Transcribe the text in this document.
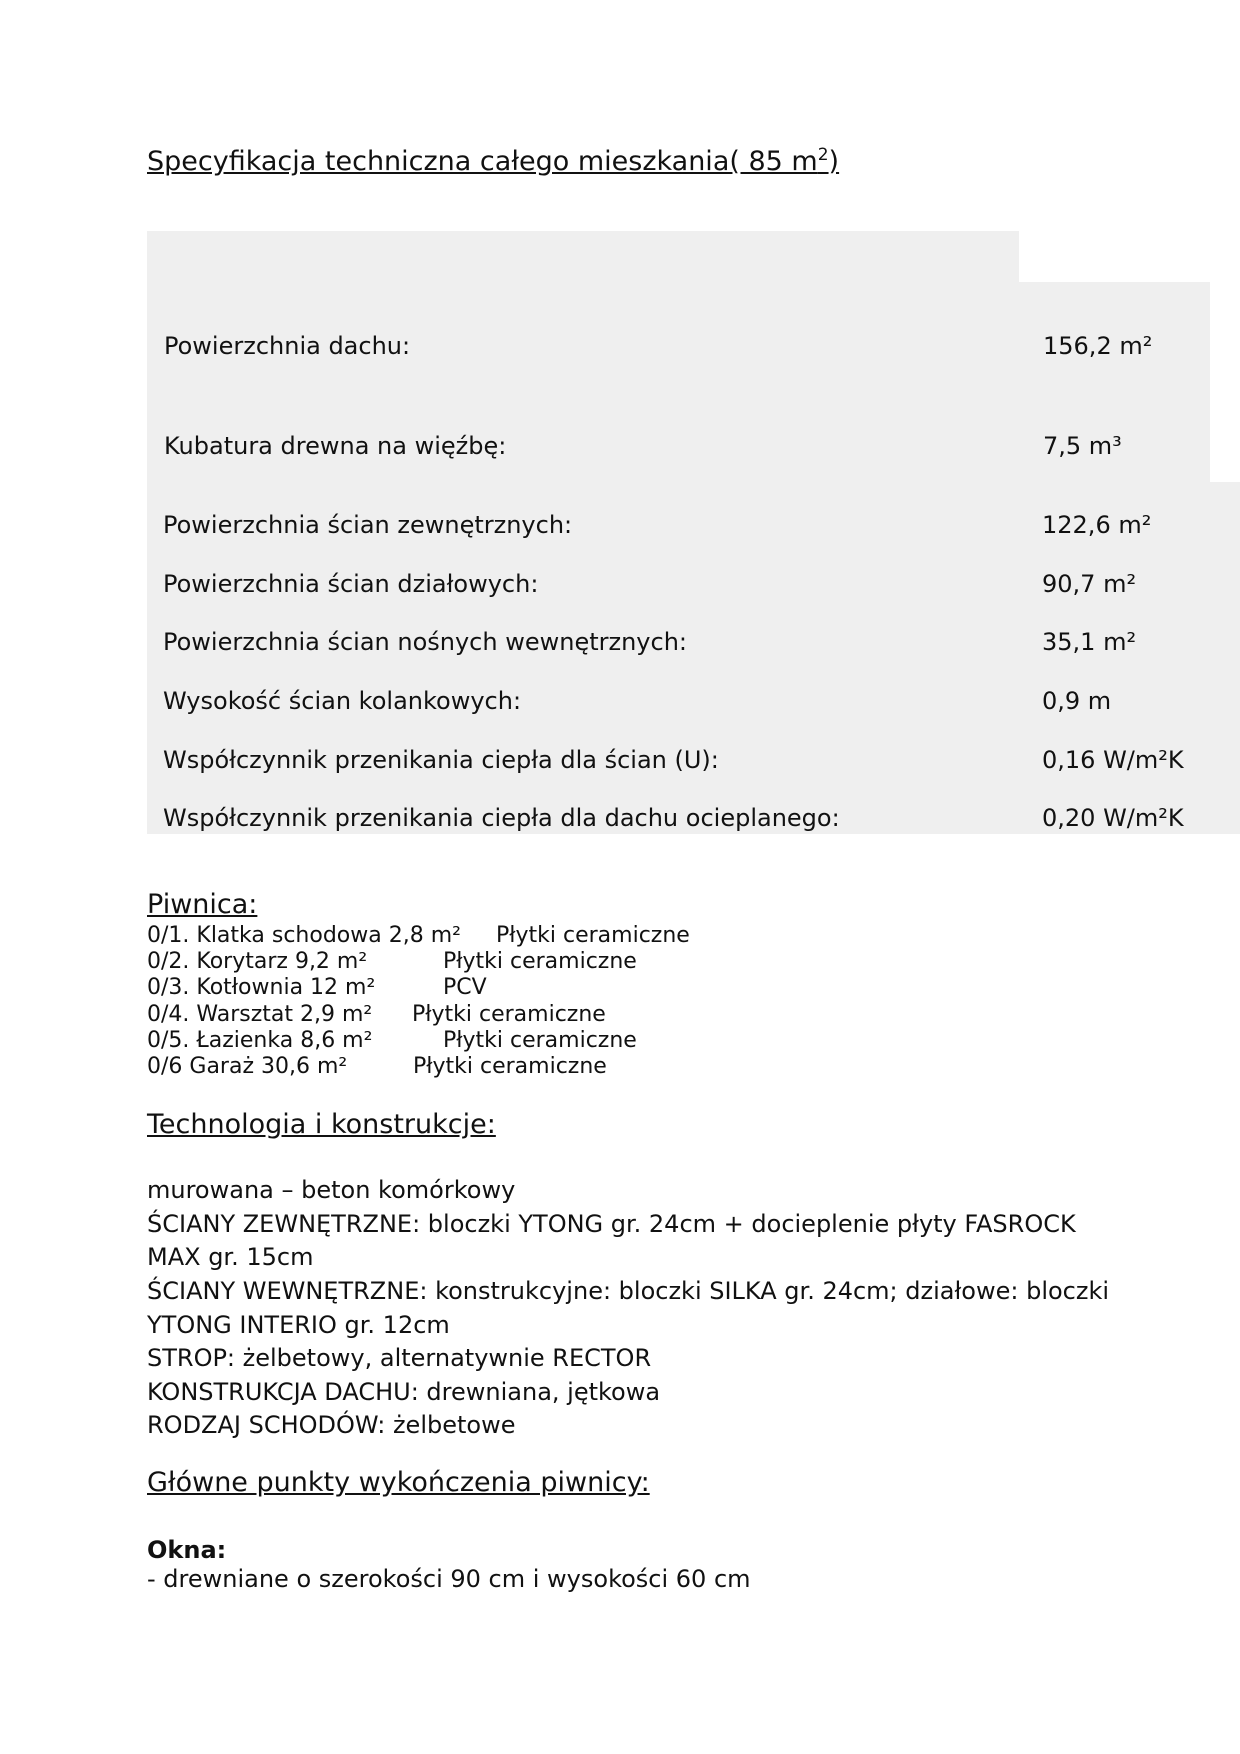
Specyfikacja techniczna całego mieszkania( 85 $m^2$)
Powierzchnia dachu:	156,2 m²
Kubatura drewna na więźbę:	7,5 m³
Powierzchnia ścian zewnętrznych:	122,6 m²
Powierzchnia ścian działowych:	90,7 m²
Powierzchnia ścian nośnych wewnętrznych:	35,1 m²
Wysokość ścian kolankowych:	0,9 m
Współczynnik przenikania ciepła dla ścian (U):	0,16 W/m²K
Współczynnik przenikania ciepła dla dachu ocieplanego:	0,20 W/m²K
Piwnica:
0/1. Klatka schodowa 2,8 m² Płytki ceramiczne
0/2. Korytarz 9,2 m²	Płytki ceramiczne
0/3. Kotłownia 12 m²	PCV
0/4. Warsztat 2,9 m² Płytki ceramiczne
0/5. Łazienka 8,6 m²	Płytki ceramiczne
0/6 Garaż 30,6 m²	Płytki ceramiczne
Technologia i konstrukcje:
murowana – beton komórkowy
ŚCIANY ZEWNĘTRZNE: bloczki YTONG gr. 24cm + docieplenie płyty FASROCK
MAX gr. 15cm
ŚCIANY WEWNĘTRZNE: konstrukcyjne: bloczki SILKA gr. 24cm; działowe: bloczki
YTONG INTERIO gr. 12cm
STROP: żelbetowy, alternatywnie RECTOR
KONSTRUKCJA DACHU: drewniana, jętkowa
RODZAJ SCHODÓW: żelbetowe
Główne punkty wykończenia piwnicy:
Okna:
- drewniane o szerokości 90 cm i wysokości 60 cm
